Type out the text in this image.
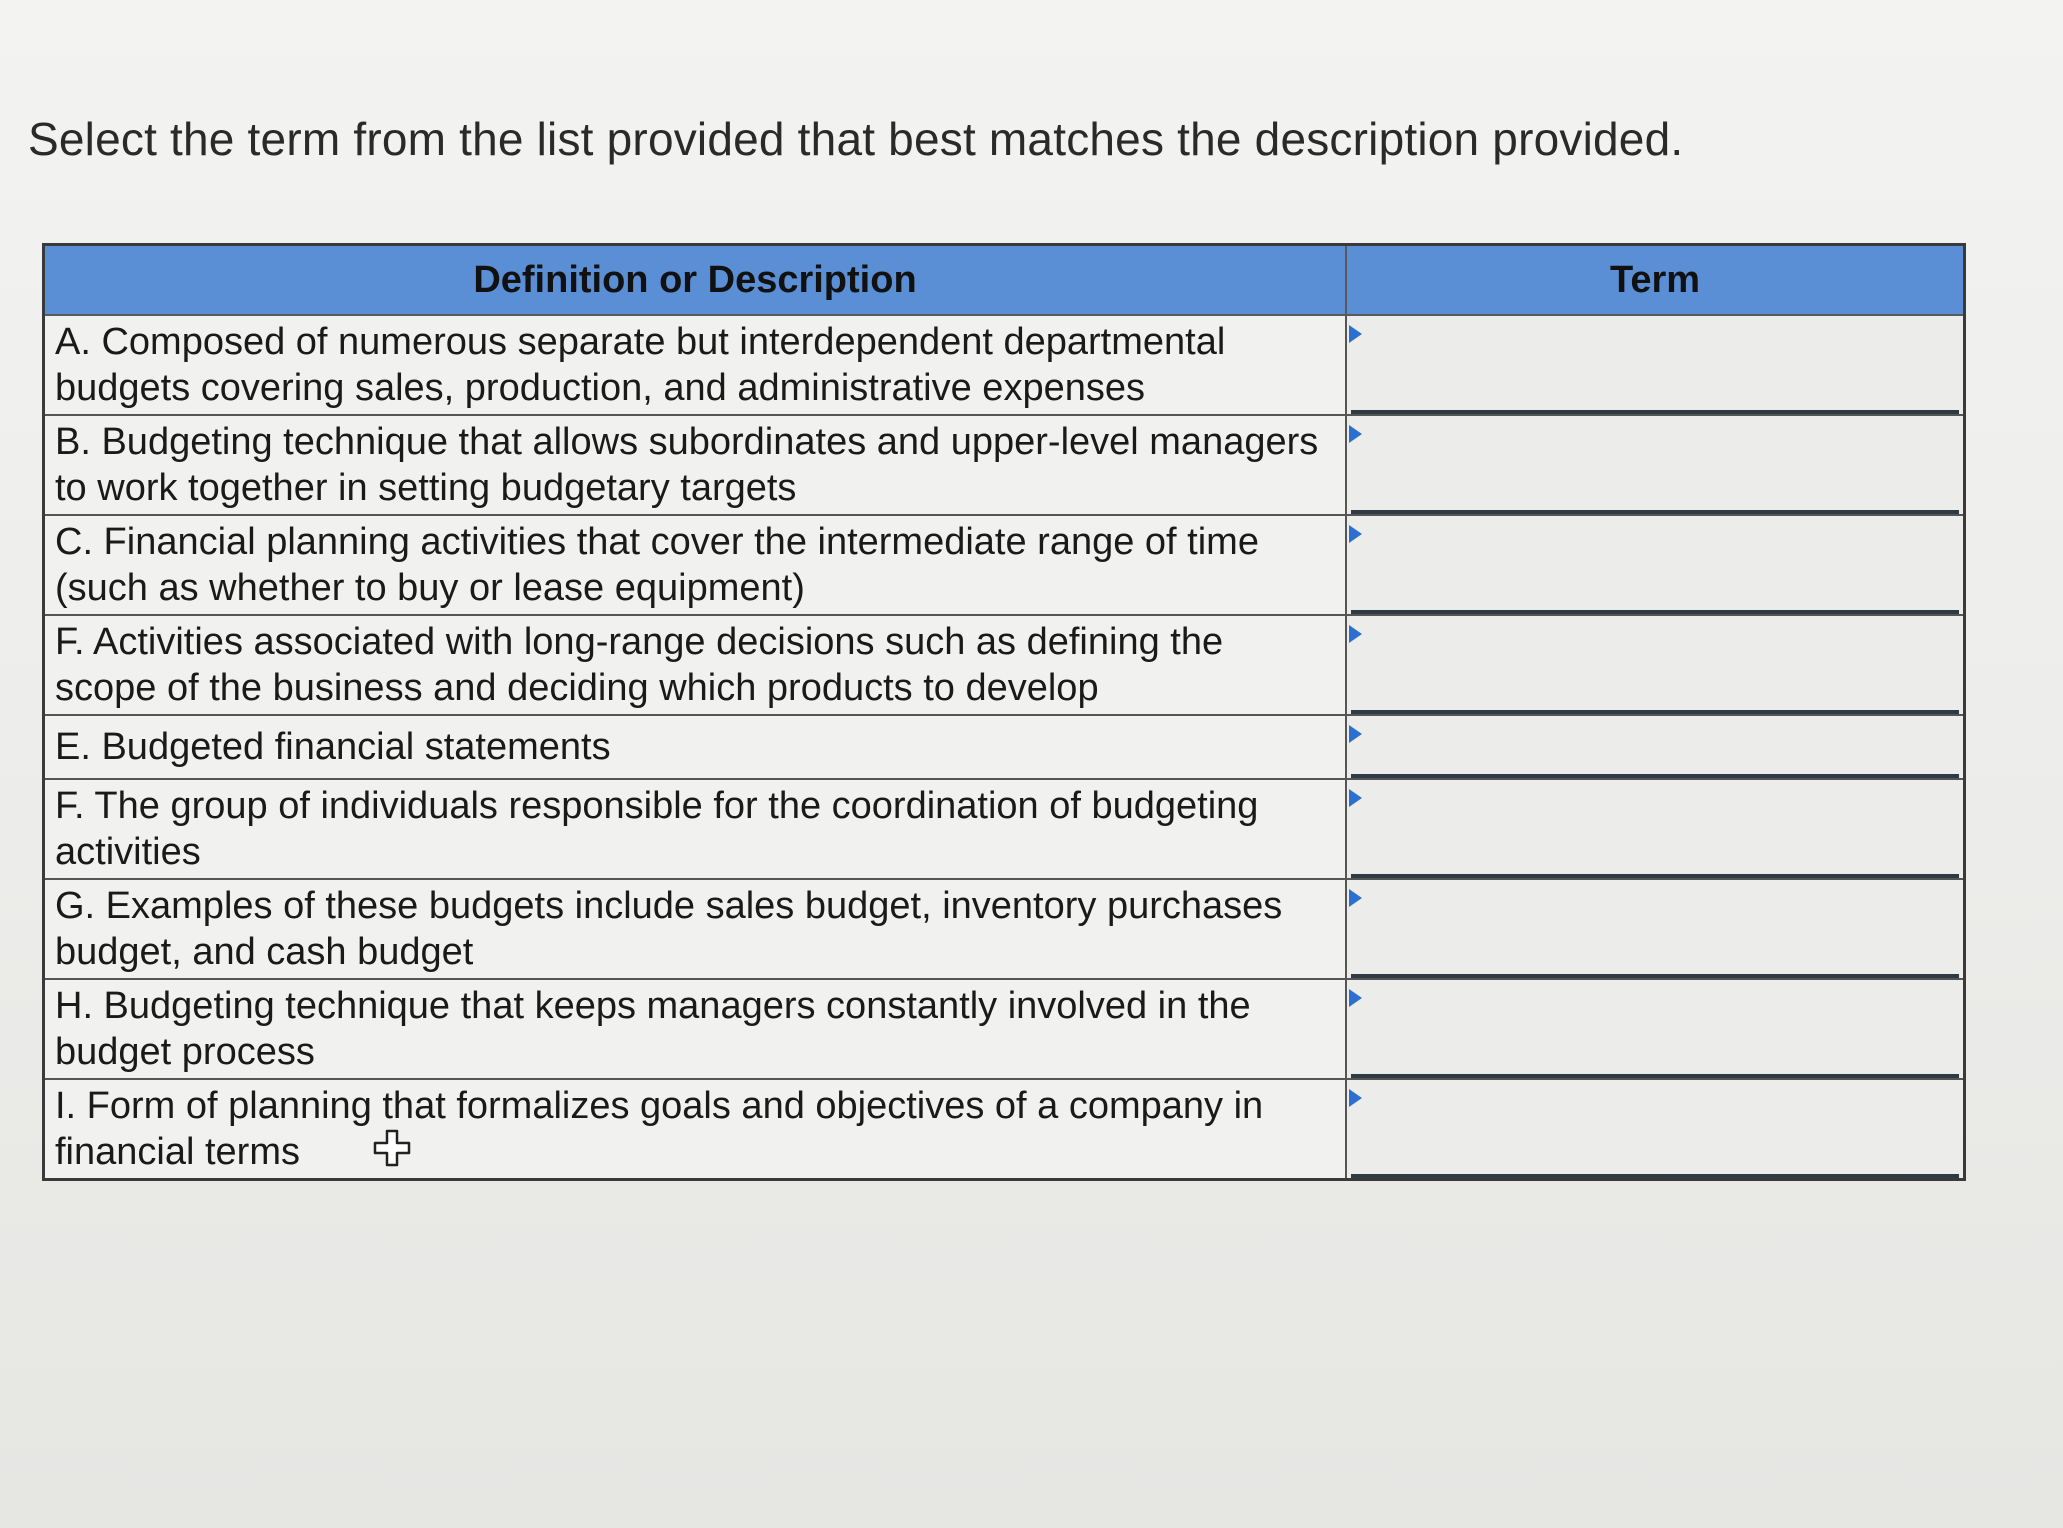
Select the term from the list provided that best matches the description provided.
Definition or Description	Term
A. Composed of numerous separate but interdependent departmental budgets covering sales, production, and administrative expenses	

B. Budgeting technique that allows subordinates and upper-level managers to work together in setting budgetary targets	

C. Financial planning activities that cover the intermediate range of time (such as whether to buy or lease equipment)	

F. Activities associated with long-range decisions such as defining the scope of the business and deciding which products to develop	

E. Budgeted financial statements	

F. The group of individuals responsible for the coordination of budgeting activities	

G. Examples of these budgets include sales budget, inventory purchases budget, and cash budget	

H. Budgeting technique that keeps managers constantly involved in the budget process	

I. Form of planning that formalizes goals and objectives of a company in financial terms	
